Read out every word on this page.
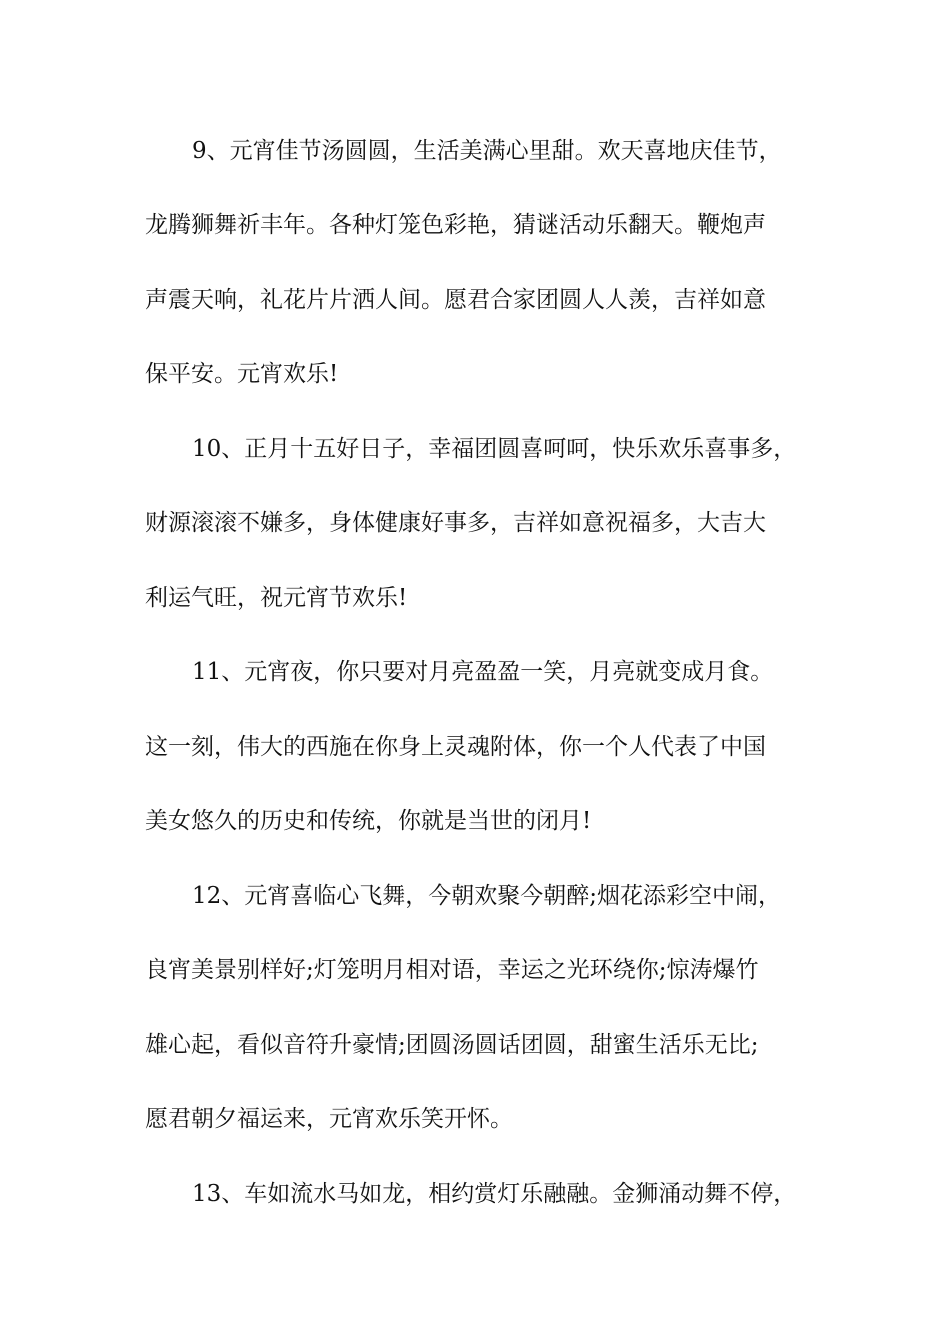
9、元宵佳节汤圆圆，生活美满心里甜。欢天喜地庆佳节，
龙腾狮舞祈丰年。各种灯笼色彩艳，猜谜活动乐翻天。鞭炮声
声震天响，礼花片片洒人间。愿君合家团圆人人羡，吉祥如意
保平安。元宵欢乐!
10、正月十五好日子，幸福团圆喜呵呵，快乐欢乐喜事多，
财源滚滚不嫌多，身体健康好事多，吉祥如意祝福多，大吉大
利运气旺，祝元宵节欢乐!
11、元宵夜，你只要对月亮盈盈一笑，月亮就变成月食。
这一刻，伟大的西施在你身上灵魂附体，你一个人代表了中国
美女悠久的历史和传统，你就是当世的闭月!
12、元宵喜临心飞舞，今朝欢聚今朝醉;烟花添彩空中闹，
良宵美景别样好;灯笼明月相对语，幸运之光环绕你;惊涛爆竹
雄心起，看似音符升豪情;团圆汤圆话团圆，甜蜜生活乐无比;
愿君朝夕福运来，元宵欢乐笑开怀。
13、车如流水马如龙，相约赏灯乐融融。金狮涌动舞不停，
